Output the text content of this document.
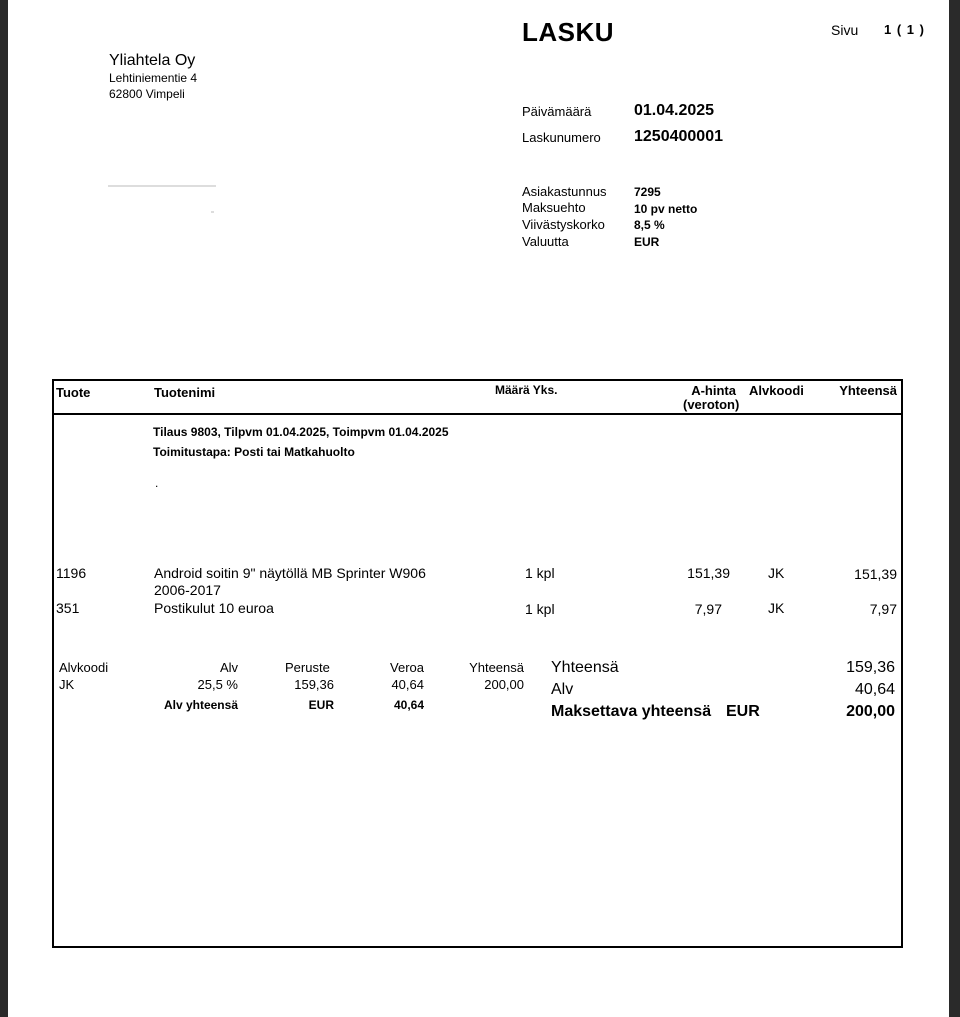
LASKU	Sivu 1 ( 1 )
Yliahtela Oy
Lehtiniementie 4
62800 Vimpeli
Päivämäärä	01.04.2025
Laskunumero 1250400001
Asiakastunnus 7295
Maksuehto	10 pv netto
Viivästyskorko 8,5 %
Valuutta	EUR
Tuote	Tuotenimi	Määrä Yks.	A-hinta
(veroton)
Alvkoodi	Yhteensä
Tilaus 9803, Tilpvm 01.04.2025, Toimpvm 01.04.2025
Toimitustapa: Posti tai Matkahuolto
.
1196	Android soitin 9" näytöllä MB Sprinter W906
2006-2017
1 kpl	151,39	JK	151,39
351	Postikulut 10 euroa	1 kpl	7,97	JK	7,97
Alvkoodi	Alv	Peruste	Veroa	Yhteensä
JK	25,5 %	159,36	40,64	200,00
Alv yhteensä	EUR	40,64
Yhteensä	159,36
Alv	40,64
Maksettava yhteensä EUR	200,00
